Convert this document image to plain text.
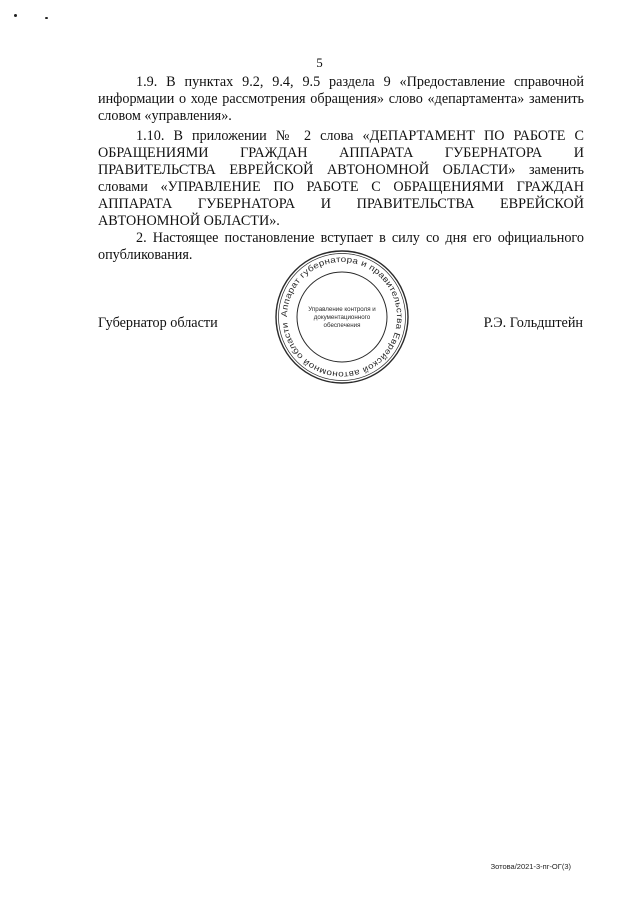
5

1.9. В пунктах 9.2, 9.4, 9.5 раздела 9 «Предоставление справочной информации о ходе рассмотрения обращения» слово «департамента» заменить словом «управления».

1.10. В приложении № 2 слова «ДЕПАРТАМЕНТ ПО РАБОТЕ С ОБРАЩЕНИЯМИ ГРАЖДАН АППАРАТА ГУБЕРНАТОРА И ПРАВИТЕЛЬСТВА ЕВРЕЙСКОЙ АВТОНОМНОЙ ОБЛАСТИ» заменить словами «УПРАВЛЕНИЕ ПО РАБОТЕ С ОБРАЩЕНИЯМИ ГРАЖДАН АППАРАТА ГУБЕРНАТОРА И ПРАВИТЕЛЬСТВА ЕВРЕЙСКОЙ АВТОНОМНОЙ ОБЛАСТИ».

2. Настоящее постановление вступает в силу со дня его официального опубликования.

Губернатор области
Аппарат губернатора и правительства Еврейской автономной области
Управление контроля и
документационного
обеспечения	Р.Э. Гольдштейн
Зотова/2021-3-пг-ОГ(3)
